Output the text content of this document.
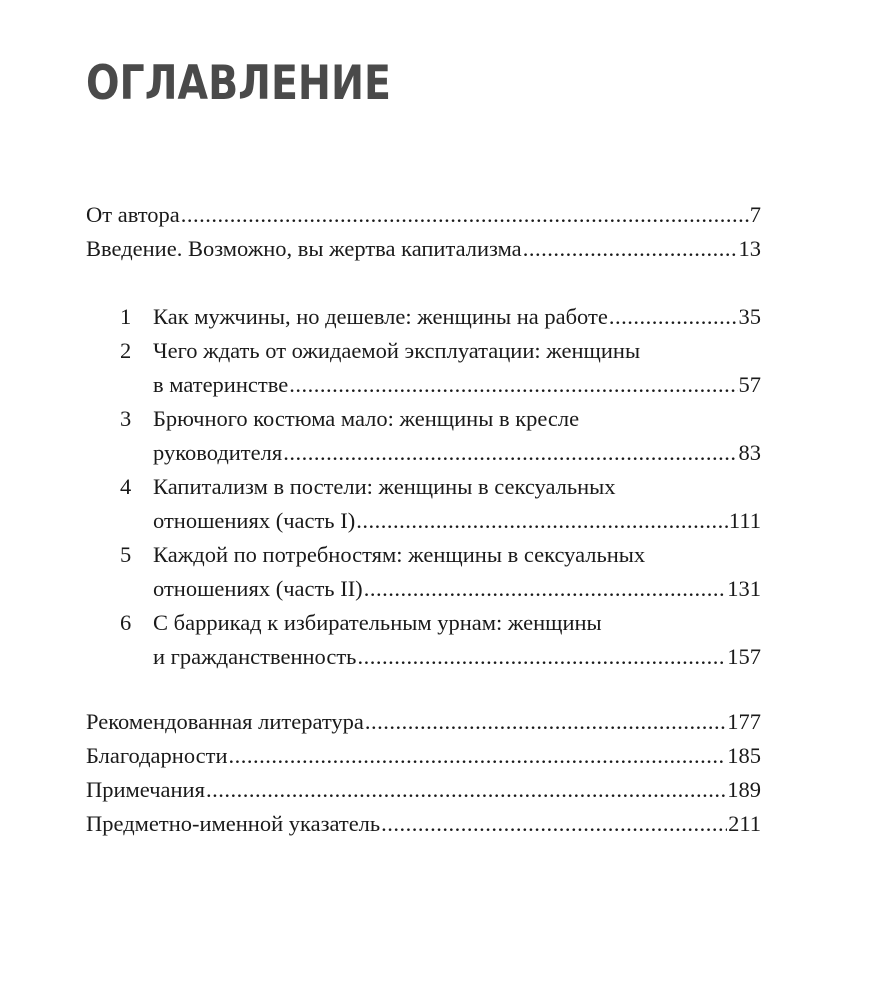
ОГЛАВЛЕНИЕ
От автора .....	7
Введение. Возможно, вы жертва капитализма .....	13
1 Как мужчины, но дешевле: женщины на работе .....	35
2 Чего ждать от ожидаемой эксплуатации: женщины
в материнстве .....	57
3 Брючного костюма мало: женщины в кресле
руководителя .....	83
4 Капитализм в постели: женщины в сексуальных
отношениях (часть I) .....	111
5 Каждой по потребностям: женщины в сексуальных
отношениях (часть II) .....	131
6 С баррикад к избирательным урнам: женщины
и гражданственность .....	157
Рекомендованная литература .....	177
Благодарности .....	185
Примечания .....	189
Предметно-именной указатель .....	211
